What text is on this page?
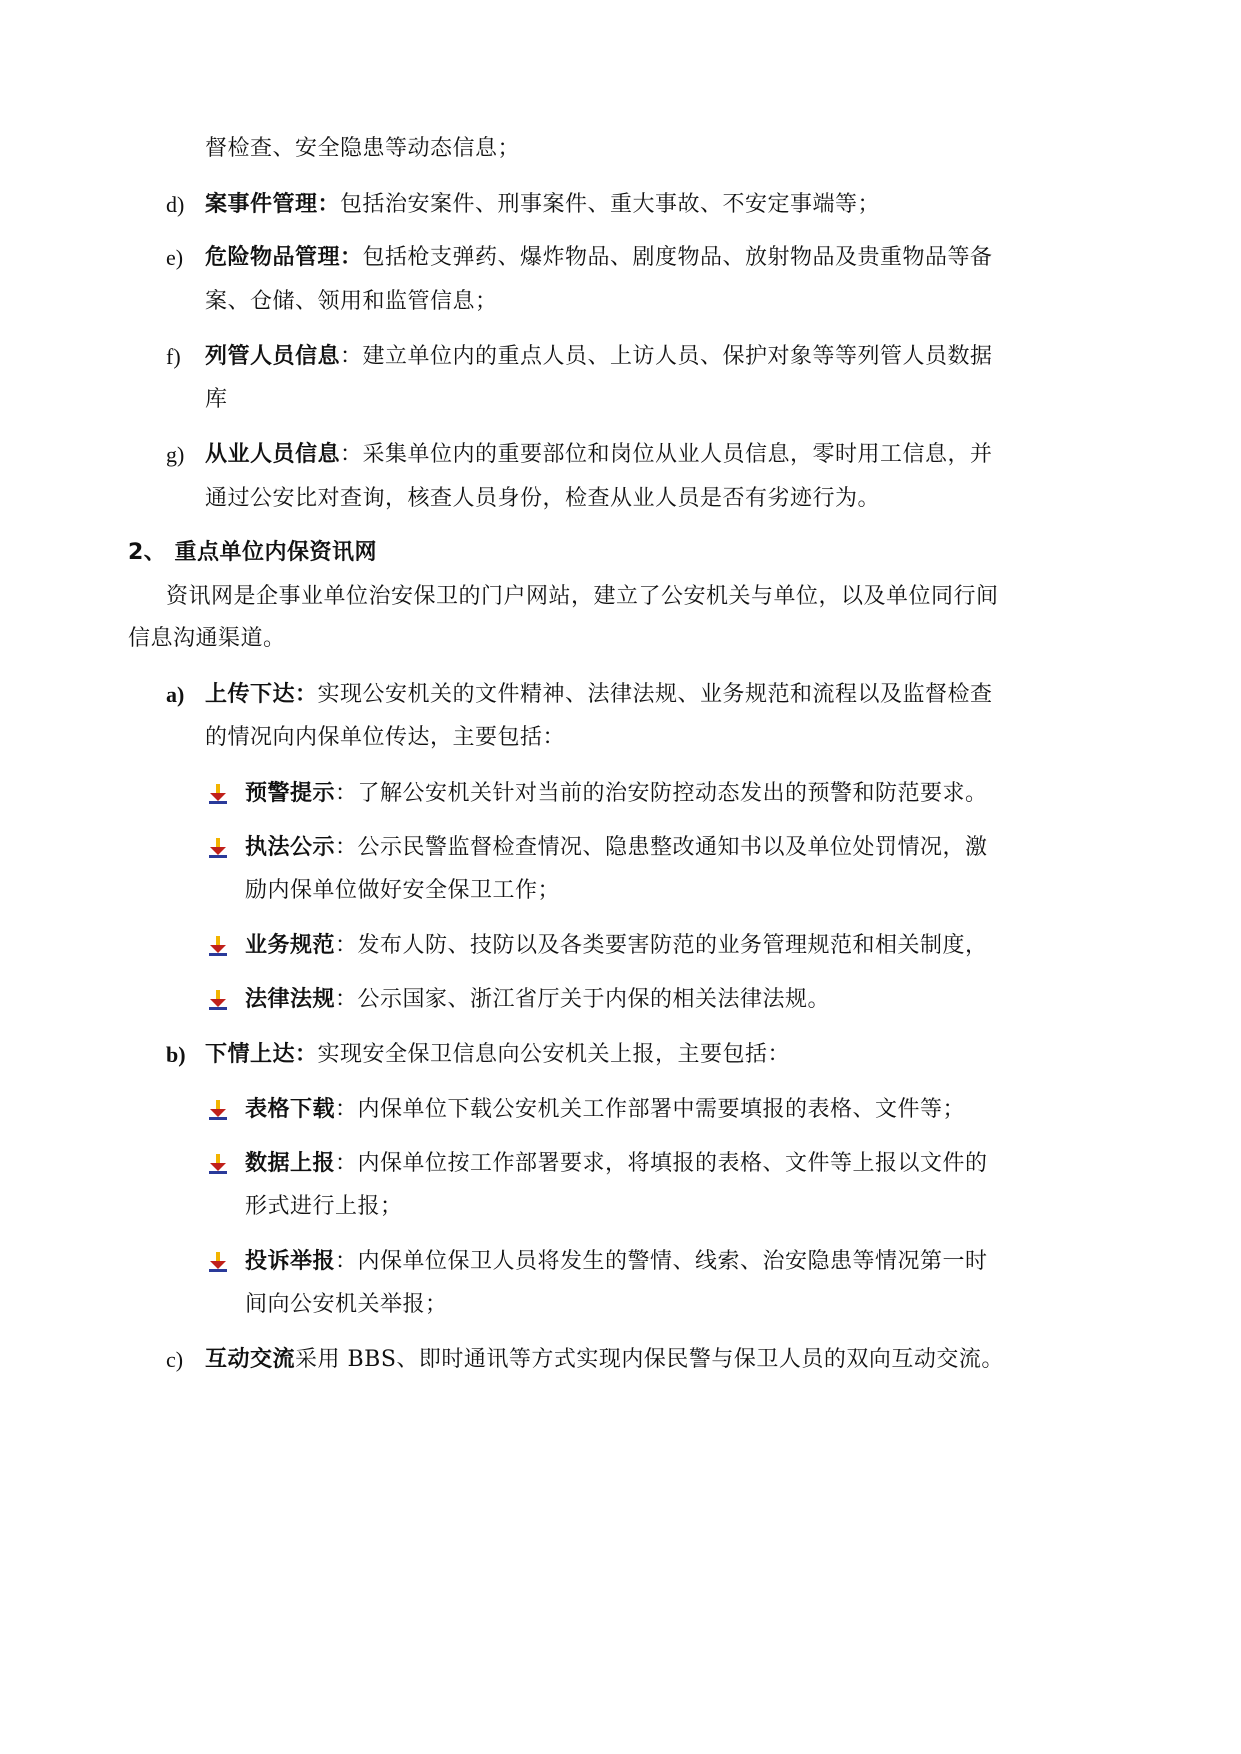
督检查、安全隐患等动态信息；
d) 案事件管理：包括治安案件、刑事案件、重大事故、不安定事端等；
e) 危险物品管理：包括枪支弹药、爆炸物品、剧度物品、放射物品及贵重物品等备
案、仓储、领用和监管信息；
f) 列管人员信息：建立单位内的重点人员、上访人员、保护对象等等列管人员数据
库
g) 从业人员信息：采集单位内的重要部位和岗位从业人员信息，零时用工信息，并
通过公安比对查询，核查人员身份，检查从业人员是否有劣迹行为。
2、 重点单位内保资讯网
资讯网是企事业单位治安保卫的门户网站，建立了公安机关与单位，以及单位同行间
信息沟通渠道。
a) 上传下达：实现公安机关的文件精神、法律法规、业务规范和流程以及监督检查
的情况向内保单位传达，主要包括：
预警提示：了解公安机关针对当前的治安防控动态发出的预警和防范要求。
执法公示：公示民警监督检查情况、隐患整改通知书以及单位处罚情况，激
励内保单位做好安全保卫工作；
业务规范：发布人防、技防以及各类要害防范的业务管理规范和相关制度，
法律法规：公示国家、浙江省厅关于内保的相关法律法规。
b) 下情上达：实现安全保卫信息向公安机关上报，主要包括：
表格下载：内保单位下载公安机关工作部署中需要填报的表格、文件等；
数据上报：内保单位按工作部署要求，将填报的表格、文件等上报以文件的
形式进行上报；
投诉举报：内保单位保卫人员将发生的警情、线索、治安隐患等情况第一时
间向公安机关举报；
c) 互动交流采用 BBS、即时通讯等方式实现内保民警与保卫人员的双向互动交流。
